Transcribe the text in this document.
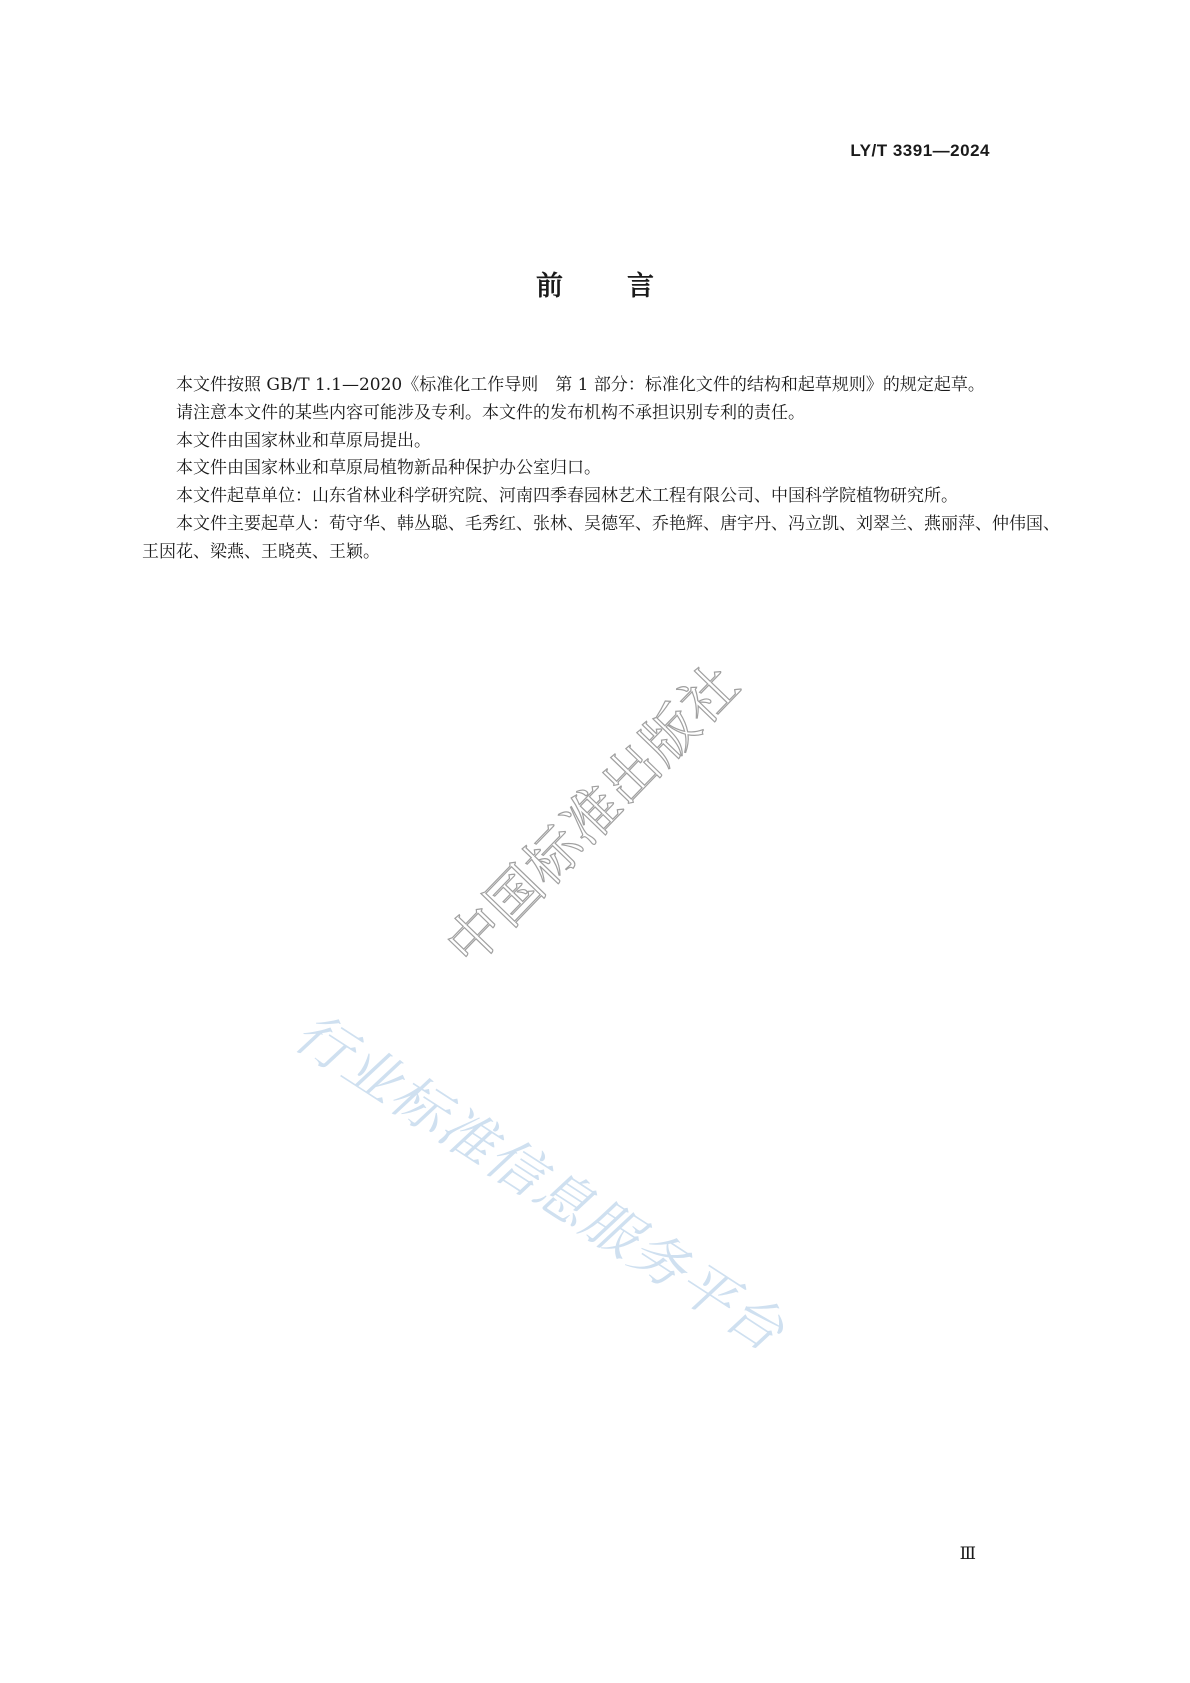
LY/T 3391—2024
前言

本文件按照 GB/T 1.1—2020《标准化工作导则　第 1 部分：标准化文件的结构和起草规则》的规定起草。

请注意本文件的某些内容可能涉及专利。本文件的发布机构不承担识别专利的责任。

本文件由国家林业和草原局提出。

本文件由国家林业和草原局植物新品种保护办公室归口。

本文件起草单位：山东省林业科学研究院、河南四季春园林艺术工程有限公司、中国科学院植物研究所。

本文件主要起草人：荀守华、韩丛聪、毛秀红、张林、吴德军、乔艳辉、唐宇丹、冯立凯、刘翠兰、燕丽萍、仲伟国、王因花、梁燕、王晓英、王颖。

中国标准出版社
行业标准信息服务平台
Ⅲ
